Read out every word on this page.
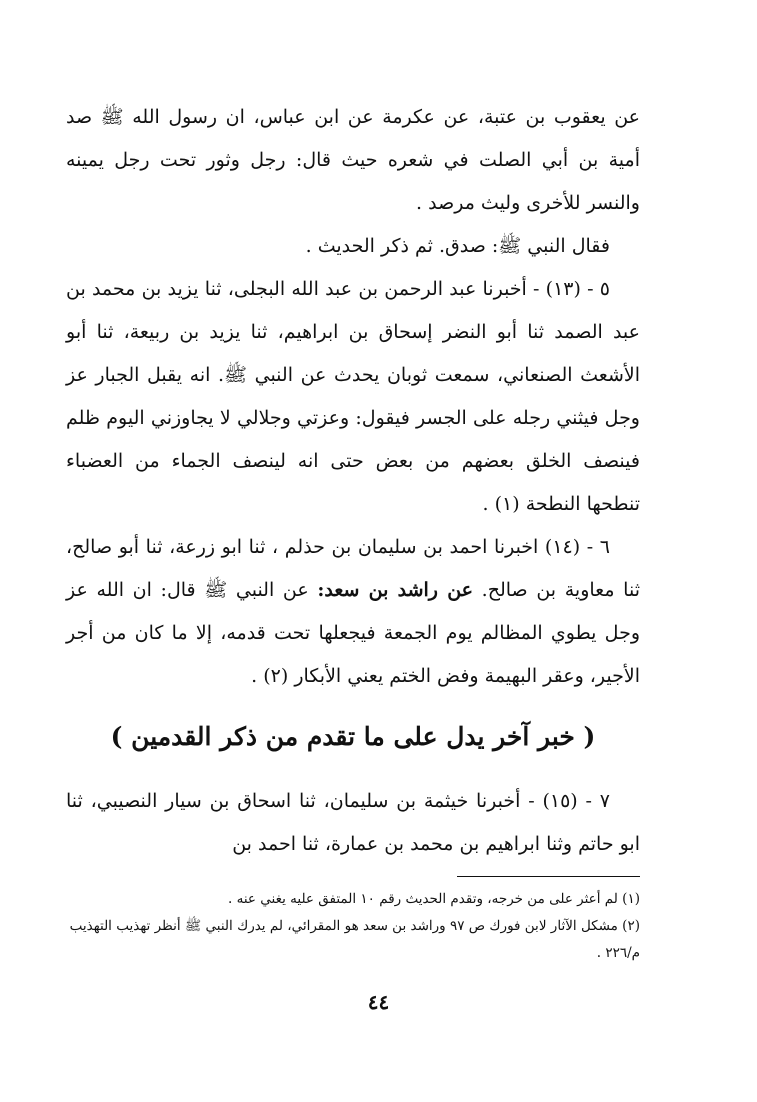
عن يعقوب بن عتبة، عن عكرمة عن ابن عباس، ان رسول الله ﷺ صد أمية بن أبي الصلت في شعره حيث قال: رجل وثور تحت رجل يمينه والنسر للأخرى وليث مرصد .

فقال النبي ﷺ: صدق. ثم ذكر الحديث .

٥ - (١٣) - أخبرنا عبد الرحمن بن عبد الله البجلى، ثنا يزيد بن محمد بن عبد الصمد ثنا أبو النضر إسحاق بن ابراهيم، ثنا يزيد بن ربيعة، ثنا أبو الأشعث الصنعاني، سمعت ثوبان يحدث عن النبي ﷺ. انه يقبل الجبار عز وجل فيثني رجله على الجسر فيقول: وعزتي وجلالي لا يجاوزني اليوم ظلم فينصف الخلق بعضهم من بعض حتى انه لينصف الجماء من العضباء تنطحها النطحة (١) .

٦ - (١٤) اخبرنا احمد بن سليمان بن حذلم ، ثنا ابو زرعة، ثنا أبو صالح، ثنا معاوية بن صالح. عن راشد بن سعد: عن النبي ﷺ قال: ان الله عز وجل يطوي المظالم يوم الجمعة فيجعلها تحت قدمه، إلا ما كان من أجر الأجير، وعقر البهيمة وفض الختم يعني الأبكار (٢) .

( خبر آخر يدل على ما تقدم من ذكر القدمين )

٧ - (١٥) - أخبرنا خيثمة بن سليمان، ثنا اسحاق بن سيار النصيبي، ثنا ابو حاتم وثنا ابراهيم بن محمد بن عمارة، ثنا احمد بن

(١) لم أعثر على من خرجه، وتقدم الحديث رقم ١٠ المتفق عليه يغني عنه .

(٢) مشكل الآثار لابن فورك ص ٩٧ وراشد بن سعد هو المقرائي، لم يدرك النبي ﷺ أنظر تهذيب التهذيب م/٢٢٦ .

٤٤
